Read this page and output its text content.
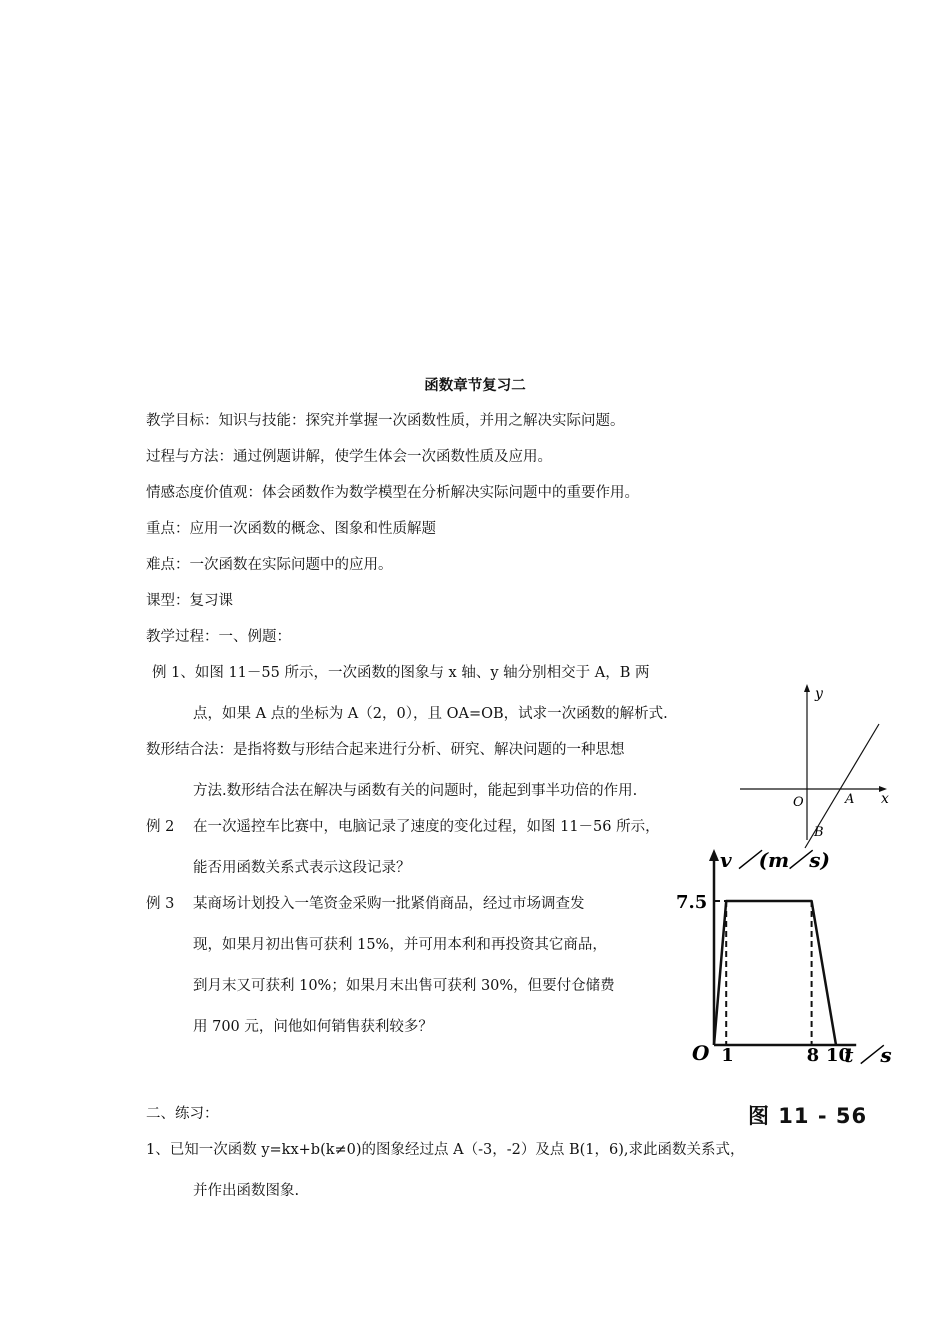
函数章节复习二
教学目标：知识与技能：探究并掌握一次函数性质，并用之解决实际问题。
过程与方法：通过例题讲解，使学生体会一次函数性质及应用。
情感态度价值观：体会函数作为数学模型在分析解决实际问题中的重要作用。
重点：应用一次函数的概念、图象和性质解题
难点：一次函数在实际问题中的应用。
课型：复习课
教学过程：一、例题：
例 1、如图 11－55 所示，一次函数的图象与 x 轴、y 轴分别相交于 A，B 两
点，如果 A 点的坐标为 A（2，0），且 OA=OB，试求一次函数的解析式.
数形结合法：是指将数与形结合起来进行分析、研究、解决问题的一种思想
方法.数形结合法在解决与函数有关的问题时，能起到事半功倍的作用.
例 2 在一次遥控车比赛中，电脑记录了速度的变化过程，如图 11－56 所示，
能否用函数关系式表示这段记录？
例 3 某商场计划投入一笔资金采购一批紧俏商品，经过市场调查发
现，如果月初出售可获利 15%，并可用本利和再投资其它商品，
到月末又可获利 10%；如果月末出售可获利 30%，但要付仓储费
用 700 元，问他如何销售获利较多？
二、练习：
1、已知一次函数 y=kx+b(k≠0)的图象经过点 A（-3，-2）及点 B(1，6),求此函数关系式，
并作出函数图象.
y
x
O	A
B
v ／(m／s)
t ／s
O
7.5
1	8 10
图 11 - 56
